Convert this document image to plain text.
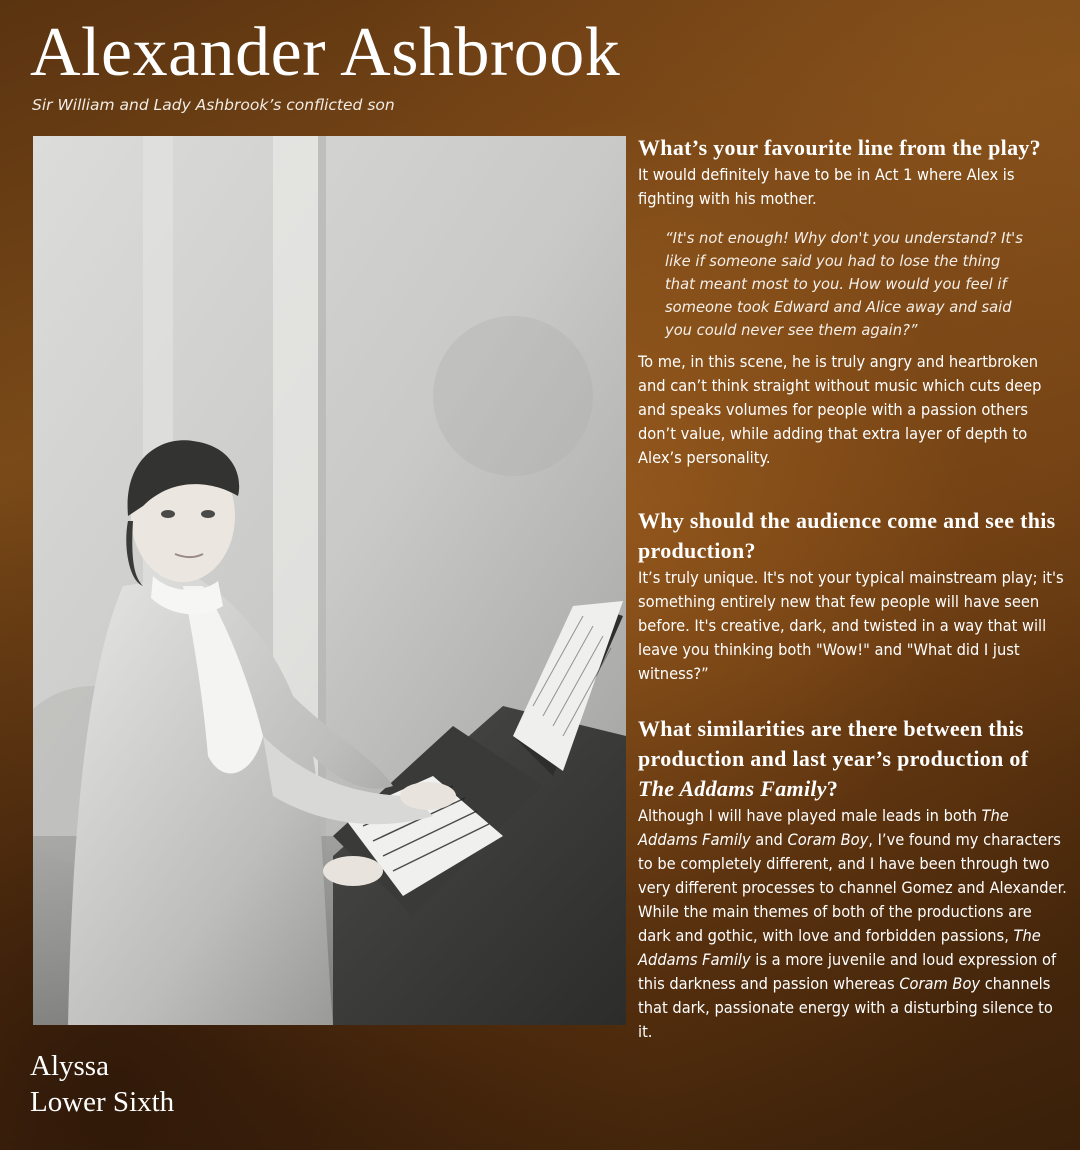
Alexander Ashbrook
Sir William and Lady Ashbrook’s conflicted son
Alyssa
Lower Sixth

What’s your favourite line from the play?

It would definitely have to be in Act 1 where Alex is fighting with his mother.

“It's not enough! Why don't you understand? It's like if someone said you had to lose the thing that meant most to you. How would you feel if someone took Edward and Alice away and said you could never see them again?”

To me, in this scene, he is truly angry and heartbroken and can’t think straight without music which cuts deep and speaks volumes for people with a passion others don’t value, while adding that extra layer of depth to Alex’s personality.

Why should the audience come and see this production?

It’s truly unique. It's not your typical mainstream play; it's something entirely new that few people will have seen before. It's creative, dark, and twisted in a way that will leave you thinking both "Wow!" and "What did I just witness?”

What similarities are there between this production and last year’s production of The Addams Family?

Although I will have played male leads in both The Addams Family and Coram Boy, I’ve found my characters to be completely different, and I have been through two very different processes to channel Gomez and Alexander. While the main themes of both of the productions are dark and gothic, with love and forbidden passions, The Addams Family is a more juvenile and loud expression of this darkness and passion whereas Coram Boy channels that dark, passionate energy with a disturbing silence to it.
